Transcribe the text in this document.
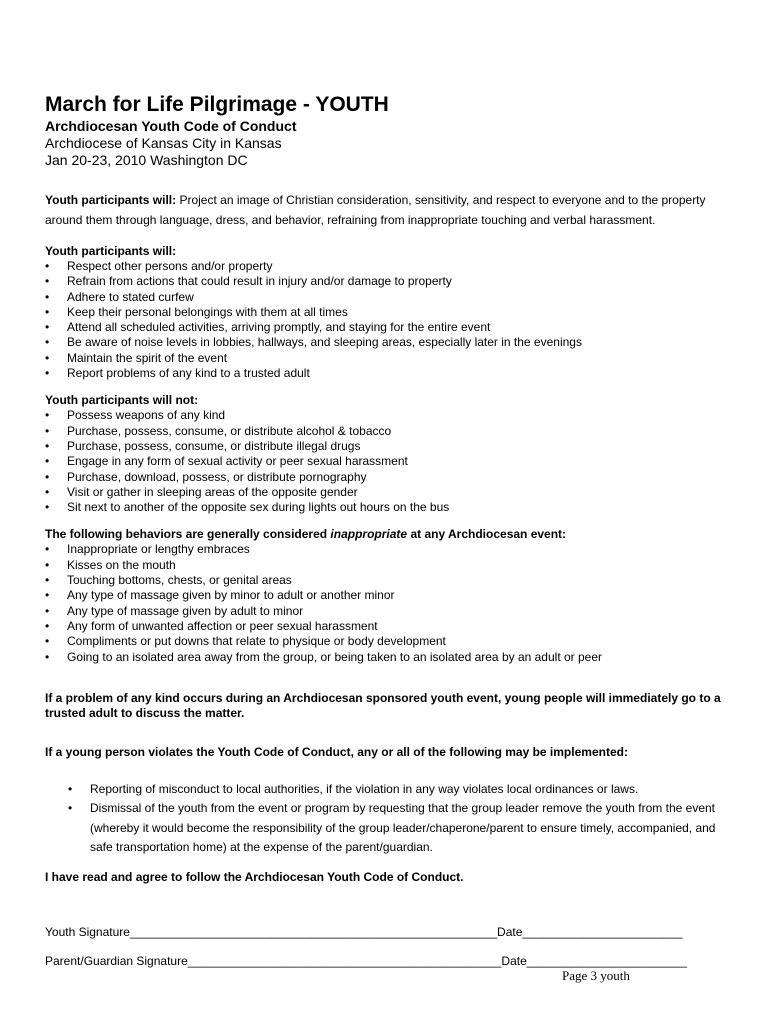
March for Life Pilgrimage - YOUTH

Archdiocesan Youth Code of Conduct

Archdiocese of Kansas City in Kansas

Jan 20-23, 2010 Washington DC

Youth participants will: Project an image of Christian consideration, sensitivity, and respect to everyone and to the property around them through language, dress, and behavior, refraining from inappropriate touching and verbal harassment.

Youth participants will:

• Respect other persons and/or property
• Refrain from actions that could result in injury and/or damage to property
• Adhere to stated curfew
• Keep their personal belongings with them at all times
• Attend all scheduled activities, arriving promptly, and staying for the entire event
• Be aware of noise levels in lobbies, hallways, and sleeping areas, especially later in the evenings
• Maintain the spirit of the event
• Report problems of any kind to a trusted adult

Youth participants will not:

• Possess weapons of any kind
• Purchase, possess, consume, or distribute alcohol & tobacco
• Purchase, possess, consume, or distribute illegal drugs
• Engage in any form of sexual activity or peer sexual harassment
• Purchase, download, possess, or distribute pornography
• Visit or gather in sleeping areas of the opposite gender
• Sit next to another of the opposite sex during lights out hours on the bus

The following behaviors are generally considered inappropriate at any Archdiocesan event:

• Inappropriate or lengthy embraces
• Kisses on the mouth
• Touching bottoms, chests, or genital areas
• Any type of massage given by minor to adult or another minor
• Any type of massage given by adult to minor
• Any form of unwanted affection or peer sexual harassment
• Compliments or put downs that relate to physique or body development
• Going to an isolated area away from the group, or being taken to an isolated area by an adult or peer

If a problem of any kind occurs during an Archdiocesan sponsored youth event, young people will immediately go to a trusted adult to discuss the matter.

If a young person violates the Youth Code of Conduct, any or all of the following may be implemented:

• Reporting of misconduct to local authorities, if the violation in any way violates local ordinances or laws.
• Dismissal of the youth from the event or program by requesting that the group leader remove the youth from the event (whereby it would become the responsibility of the group leader/chaperone/parent to ensure timely, accompanied, and safe transportation home) at the expense of the parent/guardian.

I have read and agree to follow the Archdiocesan Youth Code of Conduct.

Youth Signature_______________________________________________________Date________________________
Parent/Guardian Signature_______________________________________________Date________________________
Page 3 youth
